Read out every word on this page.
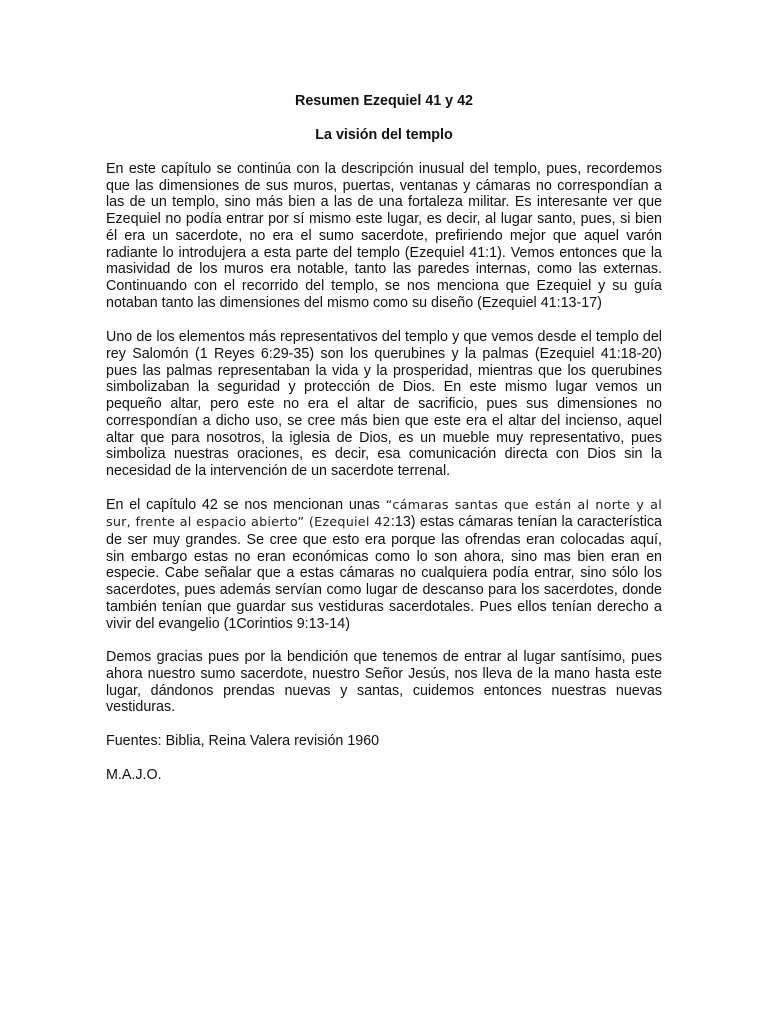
Resumen Ezequiel 41 y 42

La visión del templo

En este capítulo se continúa con la descripción inusual del templo, pues, recordemos que las dimensiones de sus muros, puertas, ventanas y cámaras no correspondían a las de un templo, sino más bien a las de una fortaleza militar. Es interesante ver que Ezequiel no podía entrar por sí mismo este lugar, es decir, al lugar santo, pues, si bien él era un sacerdote, no era el sumo sacerdote, prefiriendo mejor que aquel varón radiante lo introdujera a esta parte del templo (Ezequiel 41:1). Vemos entonces que la masividad de los muros era notable, tanto las paredes internas, como las externas. Continuando con el recorrido del templo, se nos menciona que Ezequiel y su guía notaban tanto las dimensiones del mismo como su diseño (Ezequiel 41:13-17)

Uno de los elementos más representativos del templo y que vemos desde el templo del rey Salomón (1 Reyes 6:29-35) son los querubines y la palmas (Ezequiel 41:18-20) pues las palmas representaban la vida y la prosperidad, mientras que los querubines simbolizaban la seguridad y protección de Dios. En este mismo lugar vemos un pequeño altar, pero este no era el altar de sacrificio, pues sus dimensiones no correspondían a dicho uso, se cree más bien que este era el altar del incienso, aquel altar que para nosotros, la iglesia de Dios, es un mueble muy representativo, pues simboliza nuestras oraciones, es decir, esa comunicación directa con Dios sin la necesidad de la intervención de un sacerdote terrenal.

En el capítulo 42 se nos mencionan unas “cámaras santas que están al norte y al sur, frente al espacio abierto” (Ezequiel 42:13) estas cámaras tenían la característica de ser muy grandes. Se cree que esto era porque las ofrendas eran colocadas aquí, sin embargo estas no eran económicas como lo son ahora, sino mas bien eran en especie. Cabe señalar que a estas cámaras no cualquiera podía entrar, sino sólo los sacerdotes, pues además servían como lugar de descanso para los sacerdotes, donde también tenían que guardar sus vestiduras sacerdotales. Pues ellos tenían derecho a vivir del evangelio (1Corintios 9:13-14)

Demos gracias pues por la bendición que tenemos de entrar al lugar santísimo, pues ahora nuestro sumo sacerdote, nuestro Señor Jesús, nos lleva de la mano hasta este lugar, dándonos prendas nuevas y santas, cuidemos entonces nuestras nuevas vestiduras.

Fuentes: Biblia, Reina Valera revisión 1960

M.A.J.O.
